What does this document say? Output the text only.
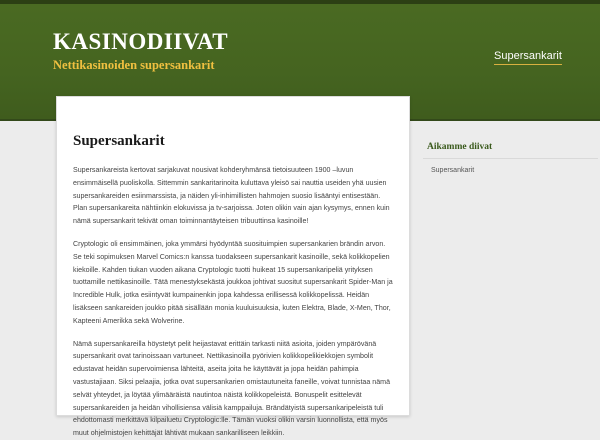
KASINODIIVAT

Nettikasinoiden supersankarit

Supersankarit
Supersankarit

Supersankareista kertovat sarjakuvat nousivat kohderyhmänsä tietoisuuteen 1900 –luvun ensimmäisellä puoliskolla. Sittemmin sankaritarinoita kuluttava yleisö sai nauttia useiden yhä uusien supersankareiden esiinmarssista, ja näiden yli-inhimillisten hahmojen suosio lisääntyi entisestään. Plan supersankareita nähtiinkin elokuvissa ja tv-sarjoissa. Joten olikin vain ajan kysymys, ennen kuin nämä supersankarit tekivät oman toiminnantäyteisen tribuuttinsa kasinoille!

Cryptologic oli ensimmäinen, joka ymmärsi hyödyntää suosituimpien supersankarien brändin arvon. Se teki sopimuksen Marvel Comics:n kanssa tuodakseen supersankarit kasinoille, sekä kolikkopelien kiekoille. Kahden tiukan vuoden aikana Cryptologic tuotti huikeat 15 supersankaripeliä yrityksen tuottamille nettikasinoille. Tätä menestyksekästä joukkoa johtivat suositut supersankarit Spider-Man ja Incredible Hulk, jotka esiintyvät kumpainenkin jopa kahdessa erillisessä kolikkopelissä. Heidän lisäkseen sankareiden joukko pitää sisällään monia kuuluisuuksia, kuten Elektra, Blade, X-Men, Thor, Kapteeni Amerikka sekä Wolverine.

Nämä supersankareilla höystetyt pelit heijastavat erittäin tarkasti niitä asioita, joiden ympärövänä supersankarit ovat tarinoissaan vartuneet. Nettikasinoilla pyörivien kolikkopelikiekkojen symbolit edustavat heidän supervoimiensa lähteitä, aseita joita he käyttävät ja jopa heidän pahimpia vastustajiaan. Siksi pelaajia, jotka ovat supersankarien omistautuneita faneille, voivat tunnistaa nämä selvät yhteydet, ja löytää ylimääräistä nautintoa näistä kolikkopeleistä. Bonuspelit esittelevät supersankareiden ja heidän vihollisiensa välisiä kamppailuja. Brändätyistä supersankaripeleistä tuli ehdottomasti merkittävä kilpailuetu Cryptologic:lle. Tämän vuoksi olikin varsin luonnollista, että myös muut ohjelmistojen kehittäjät lähtivät mukaan sankarilliseen leikkiin.

Aikamme diivat
Supersankarit
